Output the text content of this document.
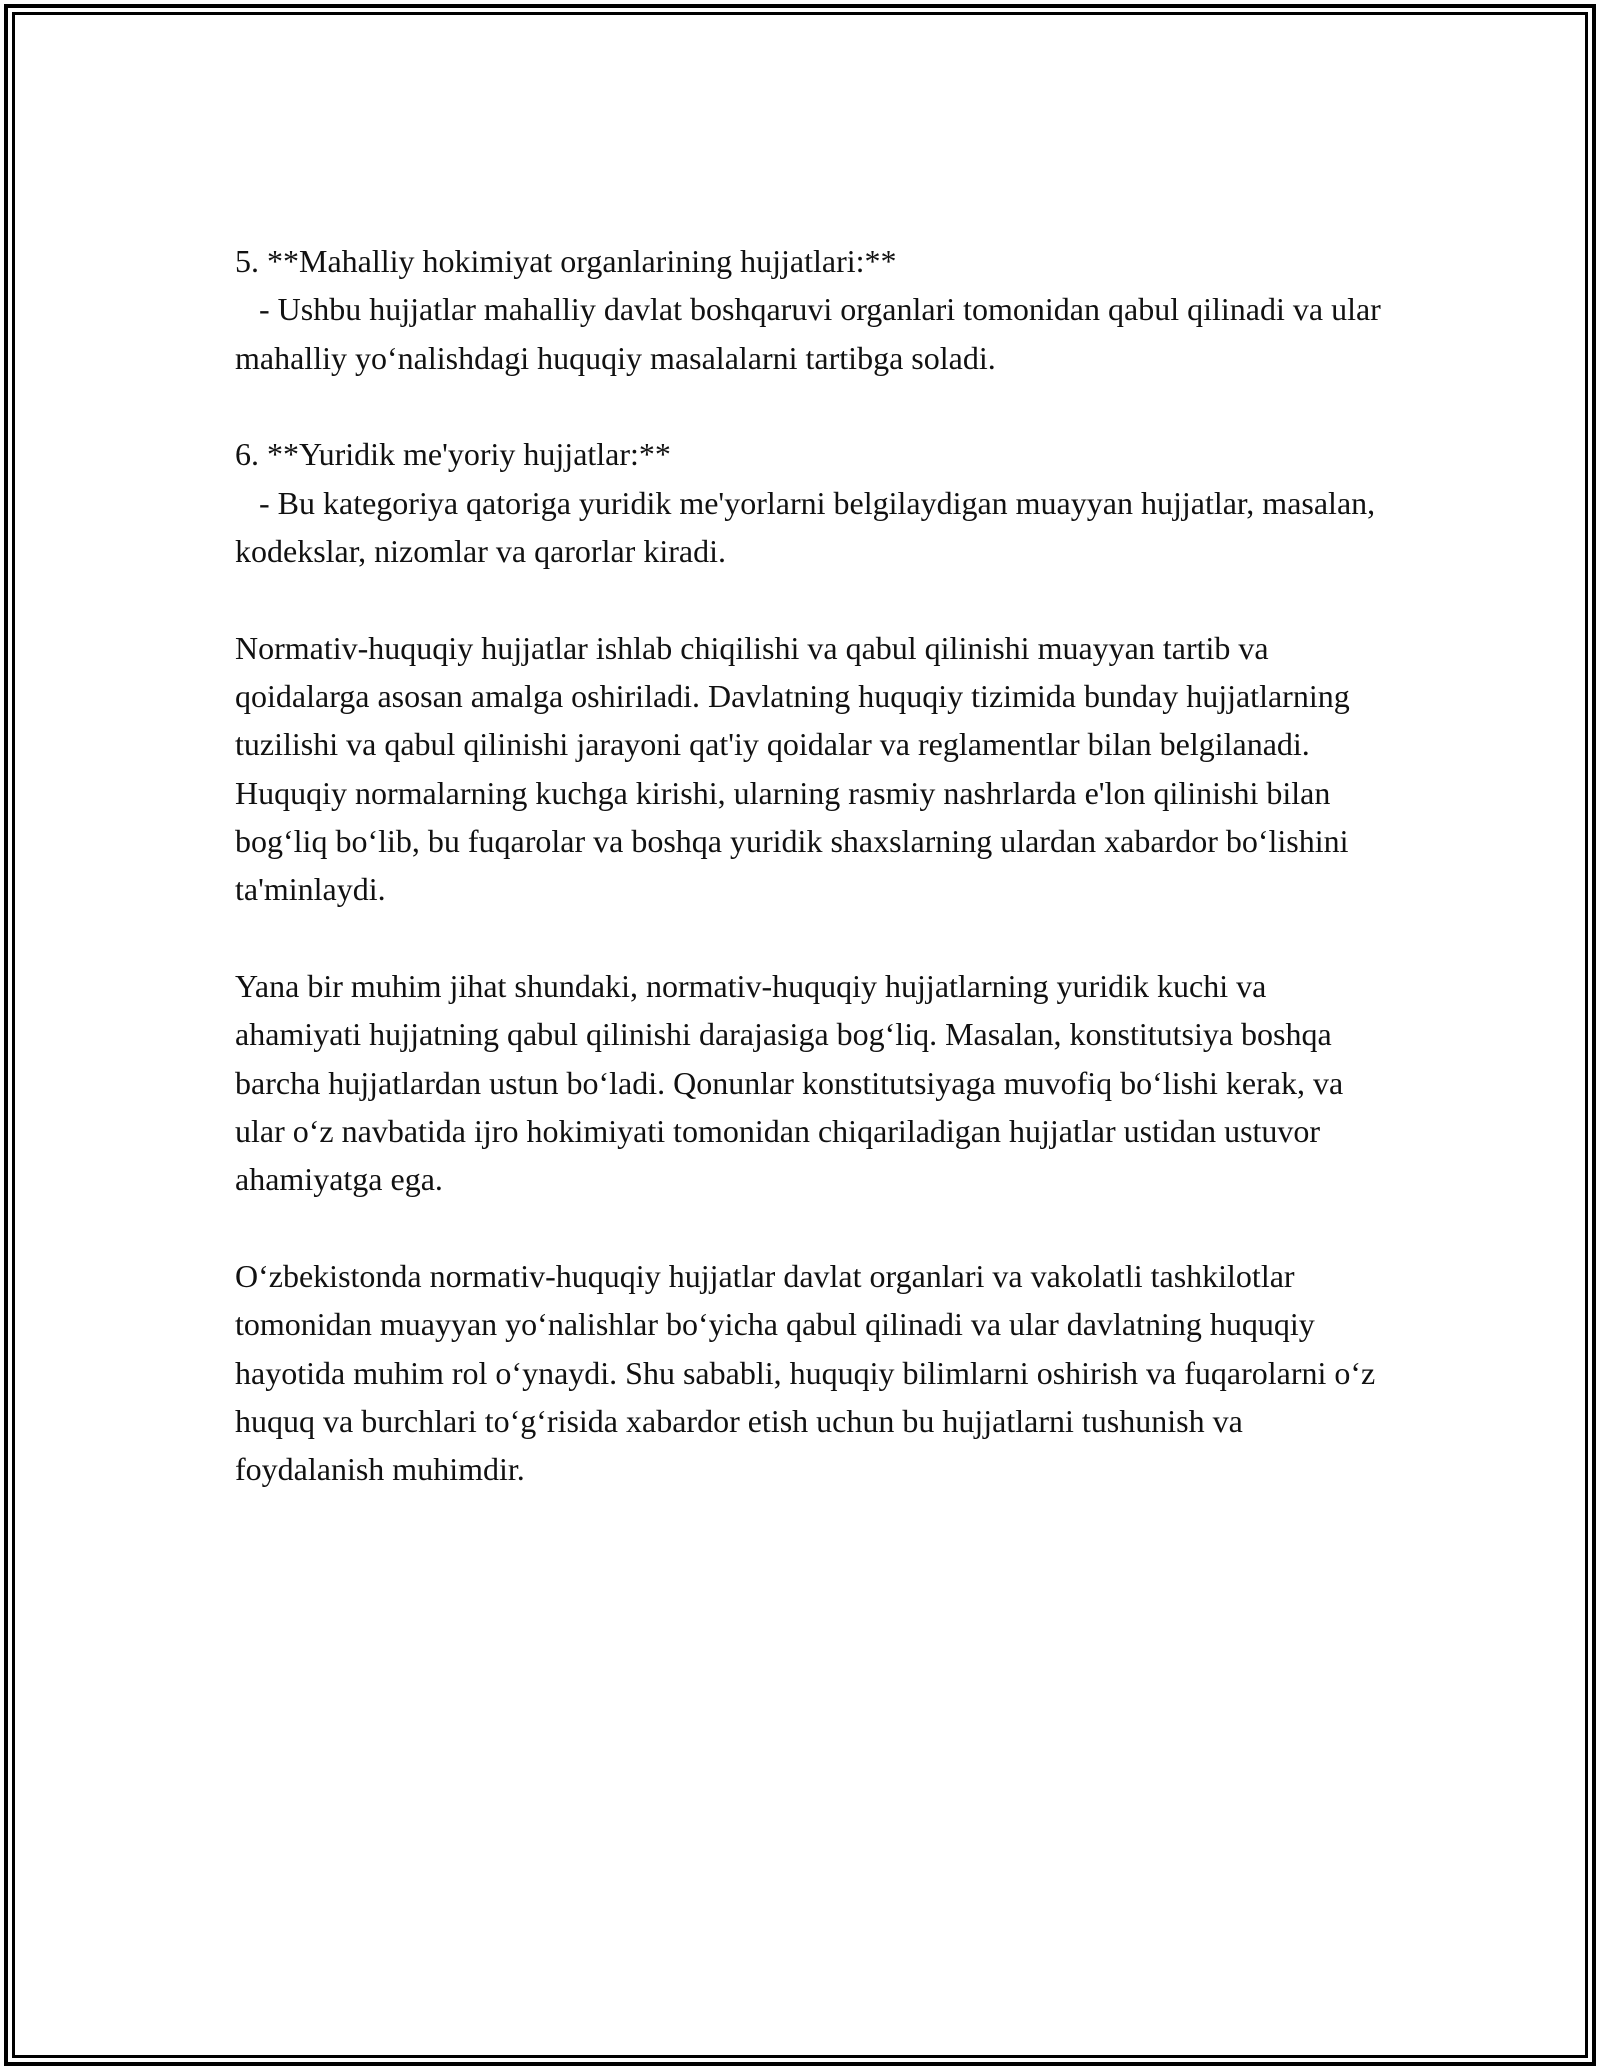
5. **Mahalliy hokimiyat organlarining hujjatlari:**

- Ushbu hujjatlar mahalliy davlat boshqaruvi organlari tomonidan qabul qilinadi va ular mahalliy yo‘nalishdagi huquqiy masalalarni tartibga soladi.

6. **Yuridik me'yoriy hujjatlar:**

- Bu kategoriya qatoriga yuridik me'yorlarni belgilaydigan muayyan hujjatlar, masalan, kodekslar, nizomlar va qarorlar kiradi.

Normativ-huquqiy hujjatlar ishlab chiqilishi va qabul qilinishi muayyan tartib va qoidalarga asosan amalga oshiriladi. Davlatning huquqiy tizimida bunday hujjatlarning tuzilishi va qabul qilinishi jarayoni qat'iy qoidalar va reglamentlar bilan belgilanadi. Huquqiy normalarning kuchga kirishi, ularning rasmiy nashrlarda e'lon qilinishi bilan bog‘liq bo‘lib, bu fuqarolar va boshqa yuridik shaxslarning ulardan xabardor bo‘lishini ta'minlaydi.

Yana bir muhim jihat shundaki, normativ-huquqiy hujjatlarning yuridik kuchi va ahamiyati hujjatning qabul qilinishi darajasiga bog‘liq. Masalan, konstitutsiya boshqa barcha hujjatlardan ustun bo‘ladi. Qonunlar konstitutsiyaga muvofiq bo‘lishi kerak, va ular o‘z navbatida ijro hokimiyati tomonidan chiqariladigan hujjatlar ustidan ustuvor ahamiyatga ega.

O‘zbekistonda normativ-huquqiy hujjatlar davlat organlari va vakolatli tashkilotlar tomonidan muayyan yo‘nalishlar bo‘yicha qabul qilinadi va ular davlatning huquqiy hayotida muhim rol o‘ynaydi. Shu sababli, huquqiy bilimlarni oshirish va fuqarolarni o‘z huquq va burchlari to‘g‘risida xabardor etish uchun bu hujjatlarni tushunish va foydalanish muhimdir.
